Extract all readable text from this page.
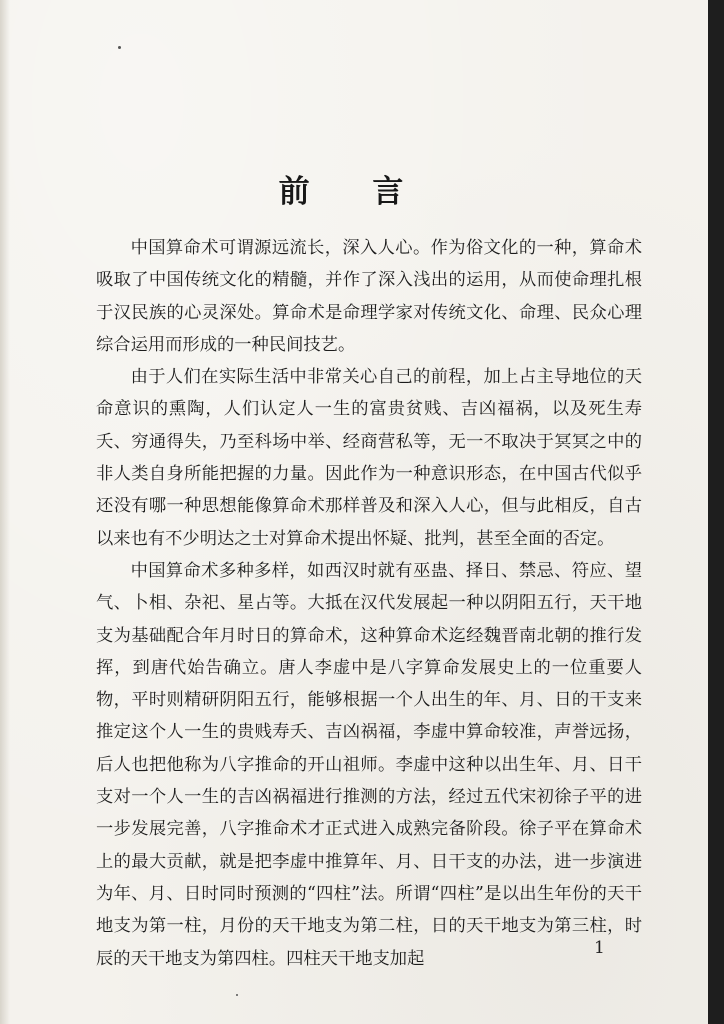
前 言

中国算命术可谓源远流长，深入人心。作为俗文化的一种，算命术吸取了中国传统文化的精髓，并作了深入浅出的运用，从而使命理扎根于汉民族的心灵深处。算命术是命理学家对传统文化、命理、民众心理综合运用而形成的一种民间技艺。

由于人们在实际生活中非常关心自己的前程，加上占主导地位的天命意识的熏陶，人们认定人一生的富贵贫贱、吉凶福祸，以及死生寿夭、穷通得失，乃至科场中举、经商营私等，无一不取决于冥冥之中的非人类自身所能把握的力量。因此作为一种意识形态，在中国古代似乎还没有哪一种思想能像算命术那样普及和深入人心，但与此相反，自古以来也有不少明达之士对算命术提出怀疑、批判，甚至全面的否定。

中国算命术多种多样，如西汉时就有巫蛊、择日、禁忌、符应、望气、卜相、杂祀、星占等。大抵在汉代发展起一种以阴阳五行，天干地支为基础配合年月时日的算命术，这种算命术迄经魏晋南北朝的推行发挥，到唐代始告确立。唐人李虚中是八字算命发展史上的一位重要人物，平时则精研阴阳五行，能够根据一个人出生的年、月、日的干支来推定这个人一生的贵贱寿夭、吉凶祸福，李虚中算命较准，声誉远扬，后人也把他称为八字推命的开山祖师。李虚中这种以出生年、月、日干支对一个人一生的吉凶祸福进行推测的方法，经过五代宋初徐子平的进一步发展完善，八字推命术才正式进入成熟完备阶段。徐子平在算命术上的最大贡献，就是把李虚中推算年、月、日干支的办法，进一步演进为年、月、日时同时预测的“四柱”法。所谓“四柱”是以出生年份的天干地支为第一柱，月份的天干地支为第二柱，日的天干地支为第三柱，时辰的天干地支为第四柱。四柱天干地支加起

1
